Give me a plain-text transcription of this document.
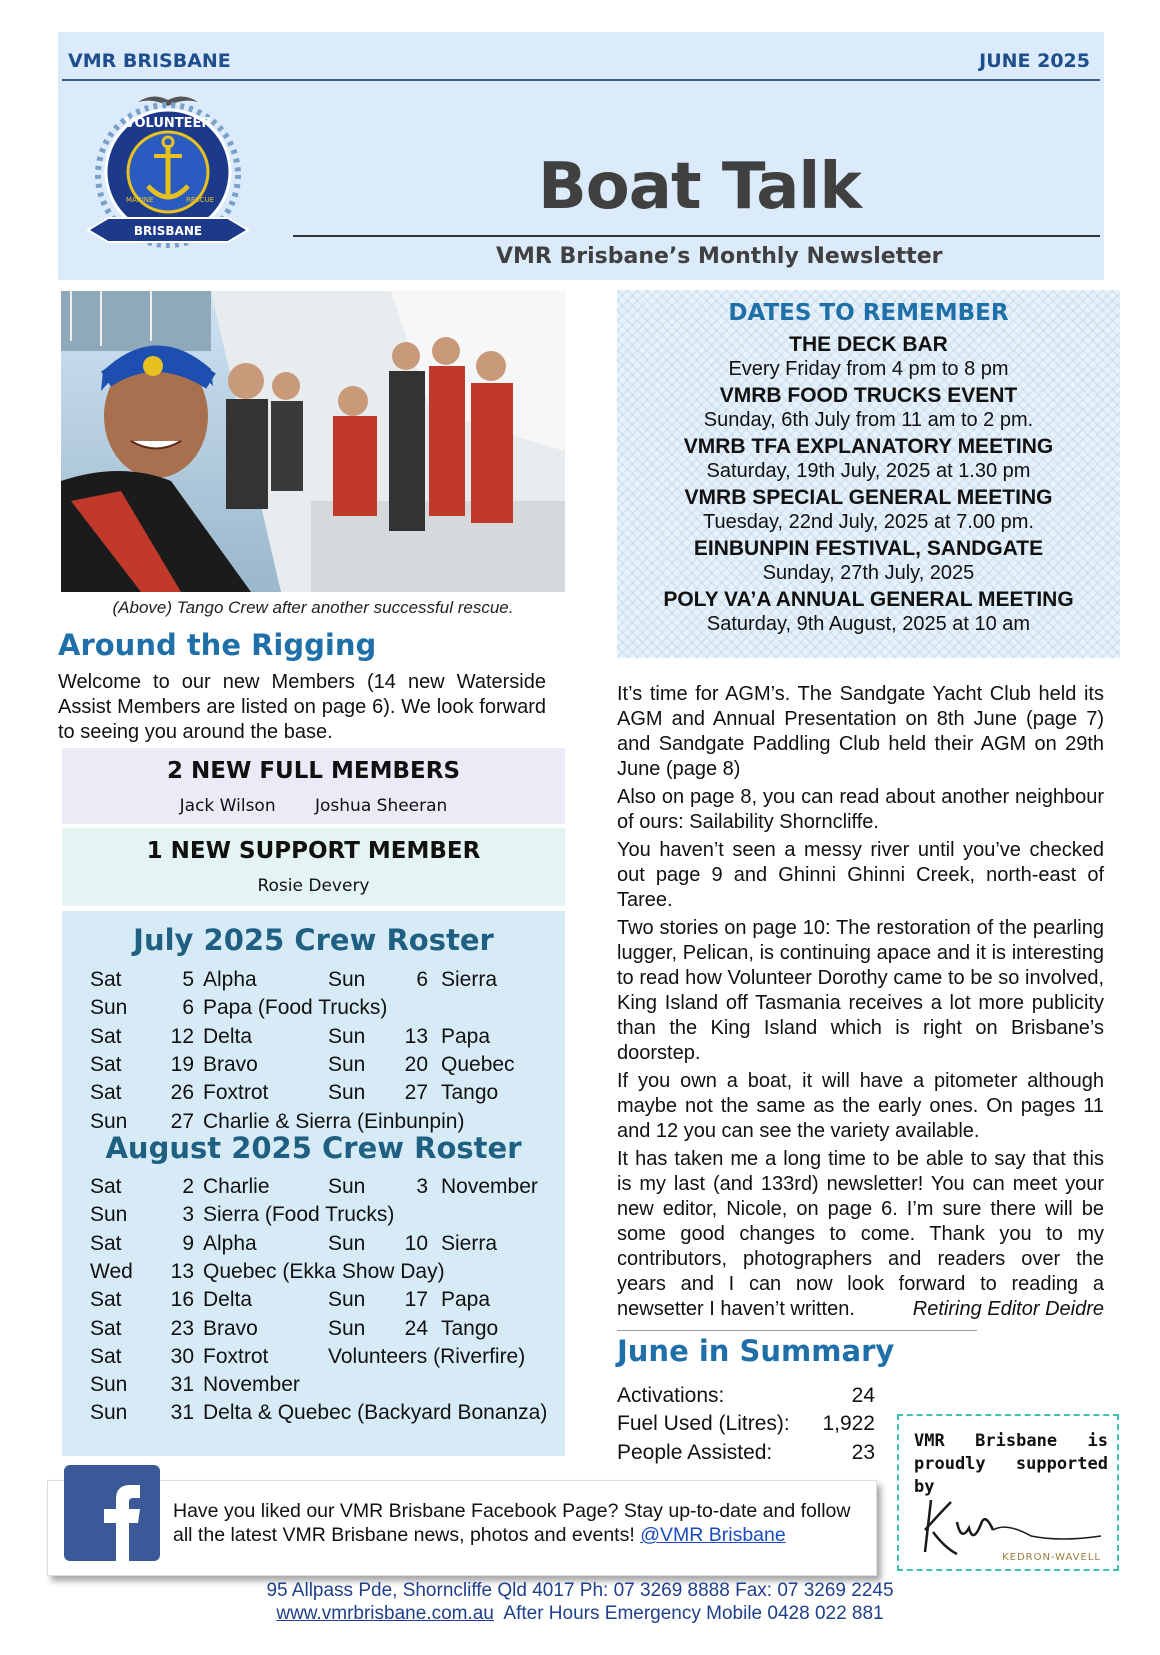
VMR BRISBANE	JUNE 2025
VOLUNTEER
MARINE	RESCUE
BRISBANE
Boat Talk
VMR Brisbane’s Monthly Newsletter
(Above) Tango Crew after another successful rescue.
Around the Rigging
Welcome to our new Members (14 new Waterside Assist Members are listed on page 6). We look forward to seeing you around the base.
2 NEW FULL MEMBERS
Jack Wilson Joshua Sheeran
1 NEW SUPPORT MEMBER
Rosie Devery
July 2025 Crew Roster
Sat	5 Alpha	Sun	6 Sierra
Sun	6 Papa (Food Trucks)
Sat	12 Delta	Sun	13 Papa
Sat	19 Bravo	Sun	20 Quebec
Sat	26 Foxtrot	Sun	27 Tango
Sun	27 Charlie & Sierra (Einbunpin)
August 2025 Crew Roster
Sat	2 Charlie	Sun	3 November
Sun	3 Sierra (Food Trucks)
Sat	9 Alpha	Sun	10 Sierra
Wed	13 Quebec (Ekka Show Day)
Sat	16 Delta	Sun	17 Papa
Sat	23 Bravo	Sun	24 Tango
Sat	30 Foxtrot	Volunteers (Riverfire)
Sun	31 November
Sun	31 Delta & Quebec (Backyard Bonanza)
DATES TO REMEMBER
THE DECK BAR
Every Friday from 4 pm to 8 pm
VMRB FOOD TRUCKS EVENT
Sunday, 6th July from 11 am to 2 pm.
VMRB TFA EXPLANATORY MEETING
Saturday, 19th July, 2025 at 1.30 pm
VMRB SPECIAL GENERAL MEETING
Tuesday, 22nd July, 2025 at 7.00 pm.
EINBUNPIN FESTIVAL, SANDGATE
Sunday, 27th July, 2025
POLY VA’A ANNUAL GENERAL MEETING
Saturday, 9th August, 2025 at 10 am

It’s time for AGM’s. The Sandgate Yacht Club held its AGM and Annual Presentation on 8th June (page 7) and Sandgate Paddling Club held their AGM on 29th June (page 8)

Also on page 8, you can read about another neighbour of ours: Sailability Shorncliffe.

You haven’t seen a messy river until you’ve checked out page 9 and Ghinni Ghinni Creek, north-east of Taree.

Two stories on page 10: The restoration of the pearling lugger, Pelican, is continuing apace and it is interesting to read how Volunteer Dorothy came to be so involved, King Island off Tasmania receives a lot more publicity than the King Island which is right on Brisbane’s doorstep.

If you own a boat, it will have a pitometer although maybe not the same as the early ones. On pages 11 and 12 you can see the variety available.

It has taken me a long time to be able to say that this is my last (and 133rd) newsletter! You can meet your new editor, Nicole, on page 6. I’m sure there will be some good changes to come. Thank you to my contributors, photographers and readers over the years and I can now look forward to reading a newsetter I haven’t written.	Retiring Editor Deidre

June in Summary
Activations:	24
Fuel Used (Litres): 1,922
People Assisted:	23 VMR Brisbane is proudly supported by
KEDRON-WAVELL
Have you liked our VMR Brisbane Facebook Page? Stay up-to-date and follow all the latest VMR Brisbane news, photos and events! @VMR Brisbane
95 Allpass Pde, Shorncliffe Qld 4017 Ph: 07 3269 8888 Fax: 07 3269 2245
www.vmrbrisbane.com.au After Hours Emergency Mobile 0428 022 881
